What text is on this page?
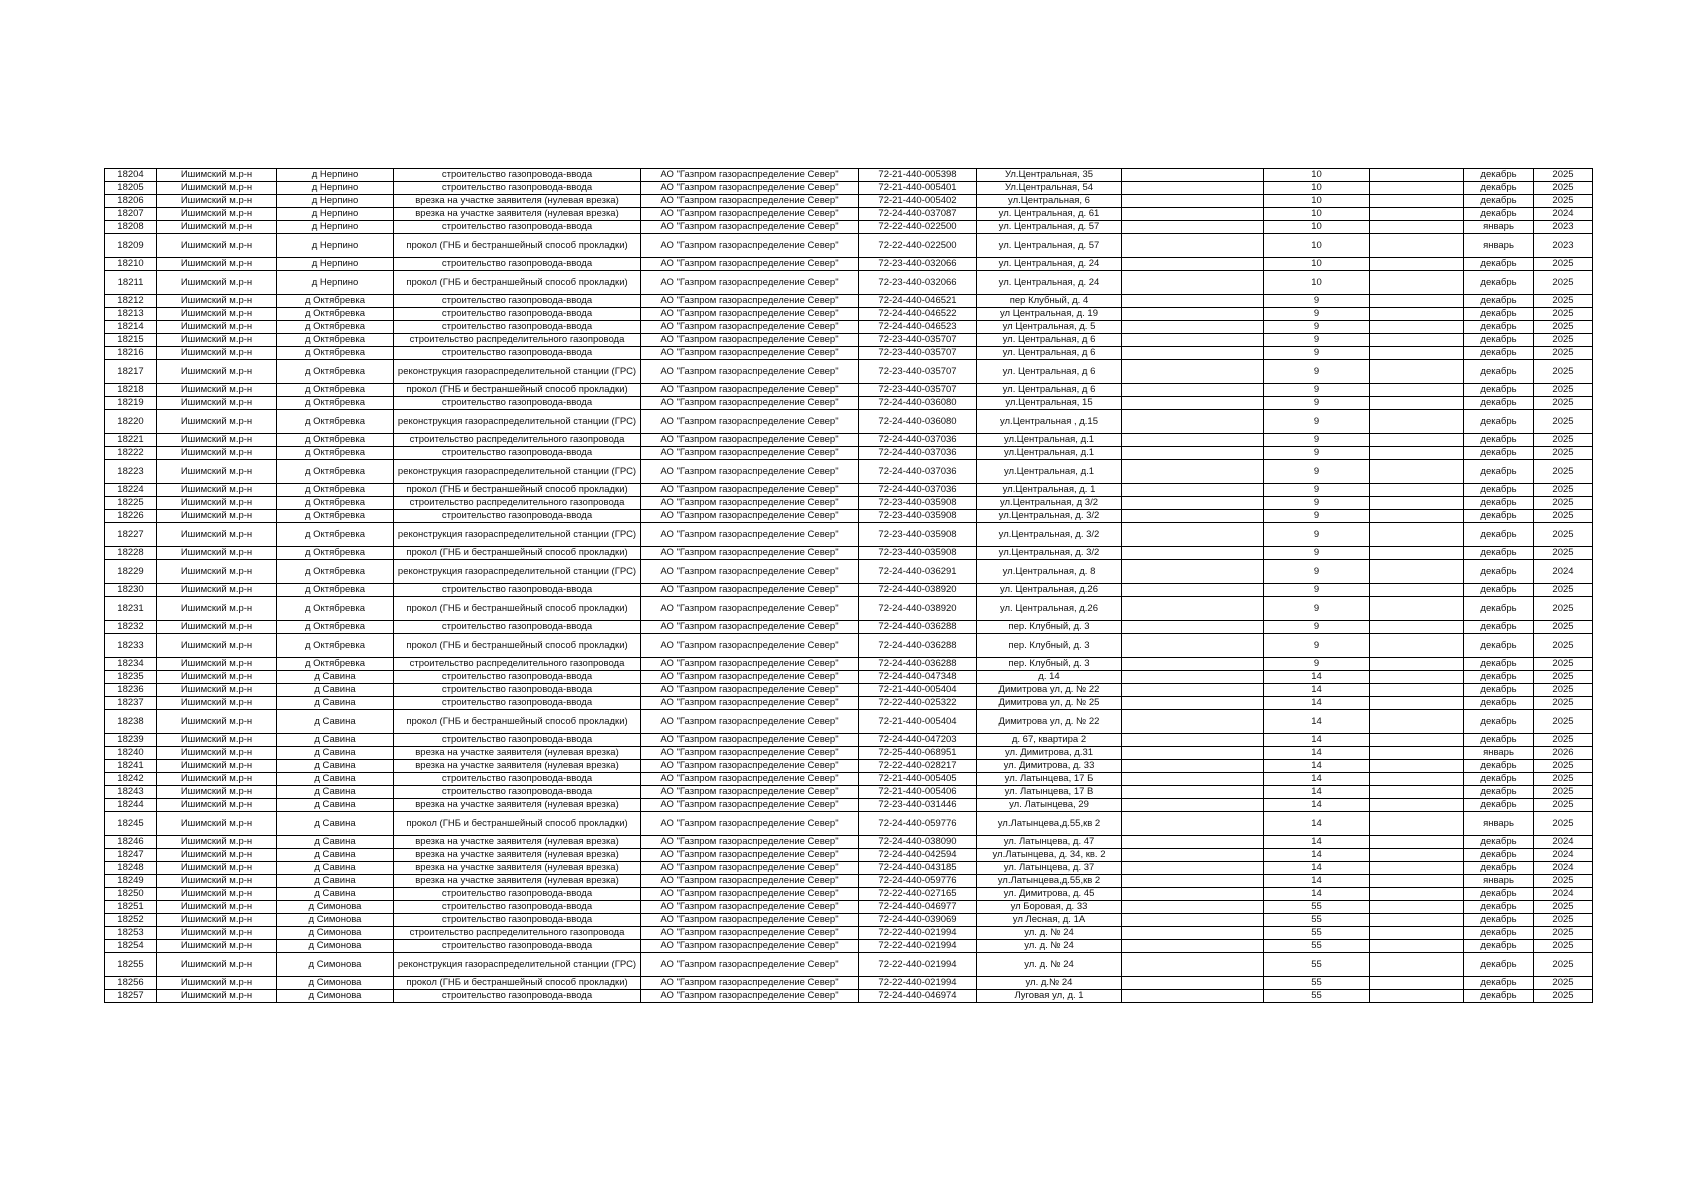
18204	Ишимский м.р-н	д Нерпино	строительство газопровода-ввода	АО "Газпром газораспределение Север"	72-21-440-005398	Ул.Центральная, 35		10		декабрь	2025
18205	Ишимский м.р-н	д Нерпино	строительство газопровода-ввода	АО "Газпром газораспределение Север"	72-21-440-005401	Ул.Центральная, 54		10		декабрь	2025
18206	Ишимский м.р-н	д Нерпино	врезка на участке заявителя (нулевая врезка)	АО "Газпром газораспределение Север"	72-21-440-005402	ул.Центральная, 6		10		декабрь	2025
18207	Ишимский м.р-н	д Нерпино	врезка на участке заявителя (нулевая врезка)	АО "Газпром газораспределение Север"	72-24-440-037087	ул. Центральная, д. 61		10		декабрь	2024
18208	Ишимский м.р-н	д Нерпино	строительство газопровода-ввода	АО "Газпром газораспределение Север"	72-22-440-022500	ул. Центральная, д. 57		10		январь	2023
18209	Ишимский м.р-н	д Нерпино	прокол (ГНБ и бестраншейный способ прокладки)	АО "Газпром газораспределение Север"	72-22-440-022500	ул. Центральная, д. 57		10		январь	2023
18210	Ишимский м.р-н	д Нерпино	строительство газопровода-ввода	АО "Газпром газораспределение Север"	72-23-440-032066	ул. Центральная, д. 24		10		декабрь	2025
18211	Ишимский м.р-н	д Нерпино	прокол (ГНБ и бестраншейный способ прокладки)	АО "Газпром газораспределение Север"	72-23-440-032066	ул. Центральная, д. 24		10		декабрь	2025
18212	Ишимский м.р-н	д Октябревка	строительство газопровода-ввода	АО "Газпром газораспределение Север"	72-24-440-046521	пер Клубный, д. 4		9		декабрь	2025
18213	Ишимский м.р-н	д Октябревка	строительство газопровода-ввода	АО "Газпром газораспределение Север"	72-24-440-046522	ул Центральная, д. 19		9		декабрь	2025
18214	Ишимский м.р-н	д Октябревка	строительство газопровода-ввода	АО "Газпром газораспределение Север"	72-24-440-046523	ул Центральная, д. 5		9		декабрь	2025
18215	Ишимский м.р-н	д Октябревка	строительство распределительного газопровода	АО "Газпром газораспределение Север"	72-23-440-035707	ул. Центральная, д 6		9		декабрь	2025
18216	Ишимский м.р-н	д Октябревка	строительство газопровода-ввода	АО "Газпром газораспределение Север"	72-23-440-035707	ул. Центральная, д 6		9		декабрь	2025
18217	Ишимский м.р-н	д Октябревка	реконструкция газораспределительной станции (ГРС)	АО "Газпром газораспределение Север"	72-23-440-035707	ул. Центральная, д 6		9		декабрь	2025
18218	Ишимский м.р-н	д Октябревка	прокол (ГНБ и бестраншейный способ прокладки)	АО "Газпром газораспределение Север"	72-23-440-035707	ул. Центральная, д 6		9		декабрь	2025
18219	Ишимский м.р-н	д Октябревка	строительство газопровода-ввода	АО "Газпром газораспределение Север"	72-24-440-036080	ул.Центральная, 15		9		декабрь	2025
18220	Ишимский м.р-н	д Октябревка	реконструкция газораспределительной станции (ГРС)	АО "Газпром газораспределение Север"	72-24-440-036080	ул.Центральная , д.15		9		декабрь	2025
18221	Ишимский м.р-н	д Октябревка	строительство распределительного газопровода	АО "Газпром газораспределение Север"	72-24-440-037036	ул.Центральная, д.1		9		декабрь	2025
18222	Ишимский м.р-н	д Октябревка	строительство газопровода-ввода	АО "Газпром газораспределение Север"	72-24-440-037036	ул.Центральная, д.1		9		декабрь	2025
18223	Ишимский м.р-н	д Октябревка	реконструкция газораспределительной станции (ГРС)	АО "Газпром газораспределение Север"	72-24-440-037036	ул.Центральная, д.1		9		декабрь	2025
18224	Ишимский м.р-н	д Октябревка	прокол (ГНБ и бестраншейный способ прокладки)	АО "Газпром газораспределение Север"	72-24-440-037036	ул.Центральная, д. 1		9		декабрь	2025
18225	Ишимский м.р-н	д Октябревка	строительство распределительного газопровода	АО "Газпром газораспределение Север"	72-23-440-035908	ул.Центральная, д 3/2		9		декабрь	2025
18226	Ишимский м.р-н	д Октябревка	строительство газопровода-ввода	АО "Газпром газораспределение Север"	72-23-440-035908	ул.Центральная, д. 3/2		9		декабрь	2025
18227	Ишимский м.р-н	д Октябревка	реконструкция газораспределительной станции (ГРС)	АО "Газпром газораспределение Север"	72-23-440-035908	ул.Центральная, д. 3/2		9		декабрь	2025
18228	Ишимский м.р-н	д Октябревка	прокол (ГНБ и бестраншейный способ прокладки)	АО "Газпром газораспределение Север"	72-23-440-035908	ул.Центральная, д. 3/2		9		декабрь	2025
18229	Ишимский м.р-н	д Октябревка	реконструкция газораспределительной станции (ГРС)	АО "Газпром газораспределение Север"	72-24-440-036291	ул.Центральная, д. 8		9		декабрь	2024
18230	Ишимский м.р-н	д Октябревка	строительство газопровода-ввода	АО "Газпром газораспределение Север"	72-24-440-038920	ул. Центральная, д.26		9		декабрь	2025
18231	Ишимский м.р-н	д Октябревка	прокол (ГНБ и бестраншейный способ прокладки)	АО "Газпром газораспределение Север"	72-24-440-038920	ул. Центральная, д.26		9		декабрь	2025
18232	Ишимский м.р-н	д Октябревка	строительство газопровода-ввода	АО "Газпром газораспределение Север"	72-24-440-036288	пер. Клубный, д. 3		9		декабрь	2025
18233	Ишимский м.р-н	д Октябревка	прокол (ГНБ и бестраншейный способ прокладки)	АО "Газпром газораспределение Север"	72-24-440-036288	пер. Клубный, д. 3		9		декабрь	2025
18234	Ишимский м.р-н	д Октябревка	строительство распределительного газопровода	АО "Газпром газораспределение Север"	72-24-440-036288	пер. Клубный, д. 3		9		декабрь	2025
18235	Ишимский м.р-н	д Савина	строительство газопровода-ввода	АО "Газпром газораспределение Север"	72-24-440-047348	д. 14		14		декабрь	2025
18236	Ишимский м.р-н	д Савина	строительство газопровода-ввода	АО "Газпром газораспределение Север"	72-21-440-005404	Димитрова ул, д. № 22		14		декабрь	2025
18237	Ишимский м.р-н	д Савина	строительство газопровода-ввода	АО "Газпром газораспределение Север"	72-22-440-025322	Димитрова ул, д. № 25		14		декабрь	2025
18238	Ишимский м.р-н	д Савина	прокол (ГНБ и бестраншейный способ прокладки)	АО "Газпром газораспределение Север"	72-21-440-005404	Димитрова ул, д. № 22		14		декабрь	2025
18239	Ишимский м.р-н	д Савина	строительство газопровода-ввода	АО "Газпром газораспределение Север"	72-24-440-047203	д. 67, квартира 2		14		декабрь	2025
18240	Ишимский м.р-н	д Савина	врезка на участке заявителя (нулевая врезка)	АО "Газпром газораспределение Север"	72-25-440-068951	ул. Димитрова, д.31		14		январь	2026
18241	Ишимский м.р-н	д Савина	врезка на участке заявителя (нулевая врезка)	АО "Газпром газораспределение Север"	72-22-440-028217	ул. Димитрова, д. 33		14		декабрь	2025
18242	Ишимский м.р-н	д Савина	строительство газопровода-ввода	АО "Газпром газораспределение Север"	72-21-440-005405	ул. Латынцева, 17 Б		14		декабрь	2025
18243	Ишимский м.р-н	д Савина	строительство газопровода-ввода	АО "Газпром газораспределение Север"	72-21-440-005406	ул. Латынцева, 17 В		14		декабрь	2025
18244	Ишимский м.р-н	д Савина	врезка на участке заявителя (нулевая врезка)	АО "Газпром газораспределение Север"	72-23-440-031446	ул. Латынцева, 29		14		декабрь	2025
18245	Ишимский м.р-н	д Савина	прокол (ГНБ и бестраншейный способ прокладки)	АО "Газпром газораспределение Север"	72-24-440-059776	ул.Латынцева,д.55,кв 2		14		январь	2025
18246	Ишимский м.р-н	д Савина	врезка на участке заявителя (нулевая врезка)	АО "Газпром газораспределение Север"	72-24-440-038090	ул. Латынцева, д. 47		14		декабрь	2024
18247	Ишимский м.р-н	д Савина	врезка на участке заявителя (нулевая врезка)	АО "Газпром газораспределение Север"	72-24-440-042594	ул.Латынцева, д. 34, кв. 2		14		декабрь	2024
18248	Ишимский м.р-н	д Савина	врезка на участке заявителя (нулевая врезка)	АО "Газпром газораспределение Север"	72-24-440-043185	ул. Латынцева, д. 37		14		декабрь	2024
18249	Ишимский м.р-н	д Савина	врезка на участке заявителя (нулевая врезка)	АО "Газпром газораспределение Север"	72-24-440-059776	ул.Латынцева,д.55,кв 2		14		январь	2025
18250	Ишимский м.р-н	д Савина	строительство газопровода-ввода	АО "Газпром газораспределение Север"	72-22-440-027165	ул. Димитрова, д. 45		14		декабрь	2024
18251	Ишимский м.р-н	д Симонова	строительство газопровода-ввода	АО "Газпром газораспределение Север"	72-24-440-046977	ул Боровая, д. 33		55		декабрь	2025
18252	Ишимский м.р-н	д Симонова	строительство газопровода-ввода	АО "Газпром газораспределение Север"	72-24-440-039069	ул Лесная, д. 1А		55		декабрь	2025
18253	Ишимский м.р-н	д Симонова	строительство распределительного газопровода	АО "Газпром газораспределение Север"	72-22-440-021994	ул. д. № 24		55		декабрь	2025
18254	Ишимский м.р-н	д Симонова	строительство газопровода-ввода	АО "Газпром газораспределение Север"	72-22-440-021994	ул. д. № 24		55		декабрь	2025
18255	Ишимский м.р-н	д Симонова	реконструкция газораспределительной станции (ГРС)	АО "Газпром газораспределение Север"	72-22-440-021994	ул. д. № 24		55		декабрь	2025
18256	Ишимский м.р-н	д Симонова	прокол (ГНБ и бестраншейный способ прокладки)	АО "Газпром газораспределение Север"	72-22-440-021994	ул. д.№ 24		55		декабрь	2025
18257	Ишимский м.р-н	д Симонова	строительство газопровода-ввода	АО "Газпром газораспределение Север"	72-24-440-046974	Луговая ул, д. 1		55		декабрь	2025
